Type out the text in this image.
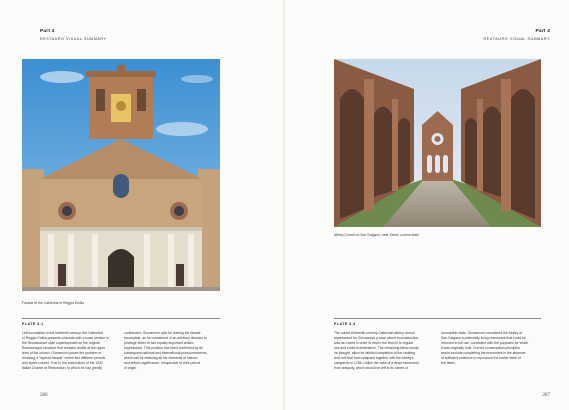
Part 4
RESTAURO VISUAL SUMMARY
Facade of the Cathedral of Reggio Emilia
PLATE 4.1
Left incomplete in the sixteenth century, the Cathedral
of Reggio Emilia presents a facade with a lower section in
the Renaissance style superimposed on the original
Romanesque structure that remains visible at the upper
level of the church. Giovannoni poses the problem of
restoring a "layered facade" where two different periods
and styles coexist. True to the instructions of the 1932
Italian Charter of Restoration, to which he had greatly
contributed, Giovannoni opts for leaving the facade
incomplete, as he considered in an arbitrary decision to
privilege either of two equally important artistic
expressions. This position has been confirmed by all
subsequent national and international pronouncements,
which call for retaining all the elements of historic
and artistic significance, irrespective of their period
of origin.
286
Part 4
RESTAURO VISUAL SUMMARY
Abbey Church of San Galgano, near Siena: current state
PLATE 4.4
The ruined thirteenth-century Cistercian abbey church
represented for Giovannoni a case where reconstruction
was as rooted in order to return the church to regular
use and entire maintenance. The remaining fabric would,
he thought, allow for faithful completion of the vaulting
and roof that had collapsed together with the Abbey's
campanile in 1786. Unlike the case of a dead monument
from antiquity, which should be left in its ruined or
incomplete state, Giovannoni considered the Abbey of
San Galgano a potentially living monument that could be
returned to full use, consistent with the purposes for which
it was originally built. Current conservation principles
would exclude completing the monument in the absence
of sufficient evidence to reproduce the earlier state of
the fabric.
287
